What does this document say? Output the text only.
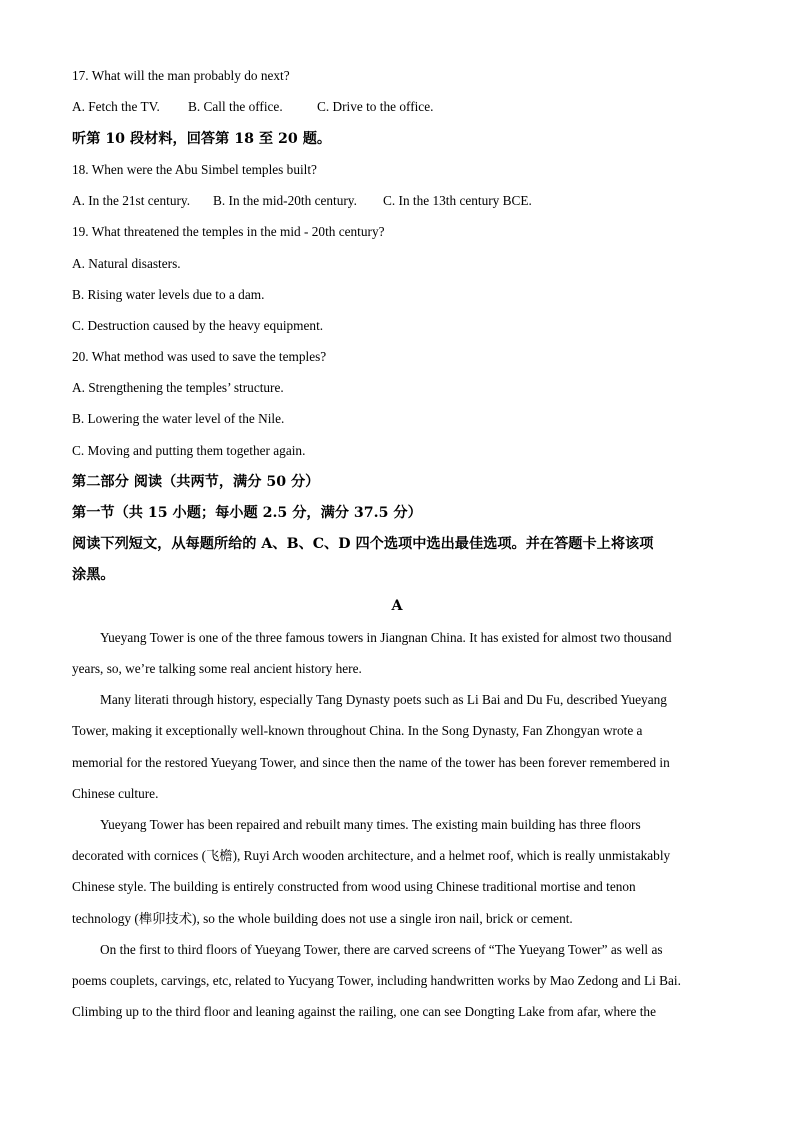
17. What will the man probably do next?
A. Fetch the TV. B. Call the office.	C. Drive to the office.
听第 10 段材料，回答第 18 至 20 题。
18. When were the Abu Simbel temples built?
A. In the 21st century. B. In the mid-20th century. C. In the 13th century BCE.
19. What threatened the temples in the mid - 20th century?
A. Natural disasters.
B. Rising water levels due to a dam.
C. Destruction caused by the heavy equipment.
20. What method was used to save the temples?
A. Strengthening the temples’ structure.
B. Lowering the water level of the Nile.
C. Moving and putting them together again.
第二部分 阅读（共两节，满分 50 分）
第一节（共 15 小题；每小题 2.5 分，满分 37.5 分）
阅读下列短文，从每题所给的 A、B、C、D 四个选项中选出最佳选项。并在答题卡上将该项
涂黑。
A
Yueyang Tower is one of the three famous towers in Jiangnan China. It has existed for almost two thousand
years, so, we’re talking some real ancient history here.
Many literati through history, especially Tang Dynasty poets such as Li Bai and Du Fu, described Yueyang
Tower, making it exceptionally well-known throughout China. In the Song Dynasty, Fan Zhongyan wrote a
memorial for the restored Yueyang Tower, and since then the name of the tower has been forever remembered in
Chinese culture.
Yueyang Tower has been repaired and rebuilt many times. The existing main building has three floors
decorated with cornices (飞檐), Ruyi Arch wooden architecture, and a helmet roof, which is really unmistakably
Chinese style. The building is entirely constructed from wood using Chinese traditional mortise and tenon
technology (榫卯技术), so the whole building does not use a single iron nail, brick or cement.
On the first to third floors of Yueyang Tower, there are carved screens of “The Yueyang Tower” as well as
poems couplets, carvings, etc, related to Yucyang Tower, including handwritten works by Mao Zedong and Li Bai.
Climbing up to the third floor and leaning against the railing, one can see Dongting Lake from afar, where the
